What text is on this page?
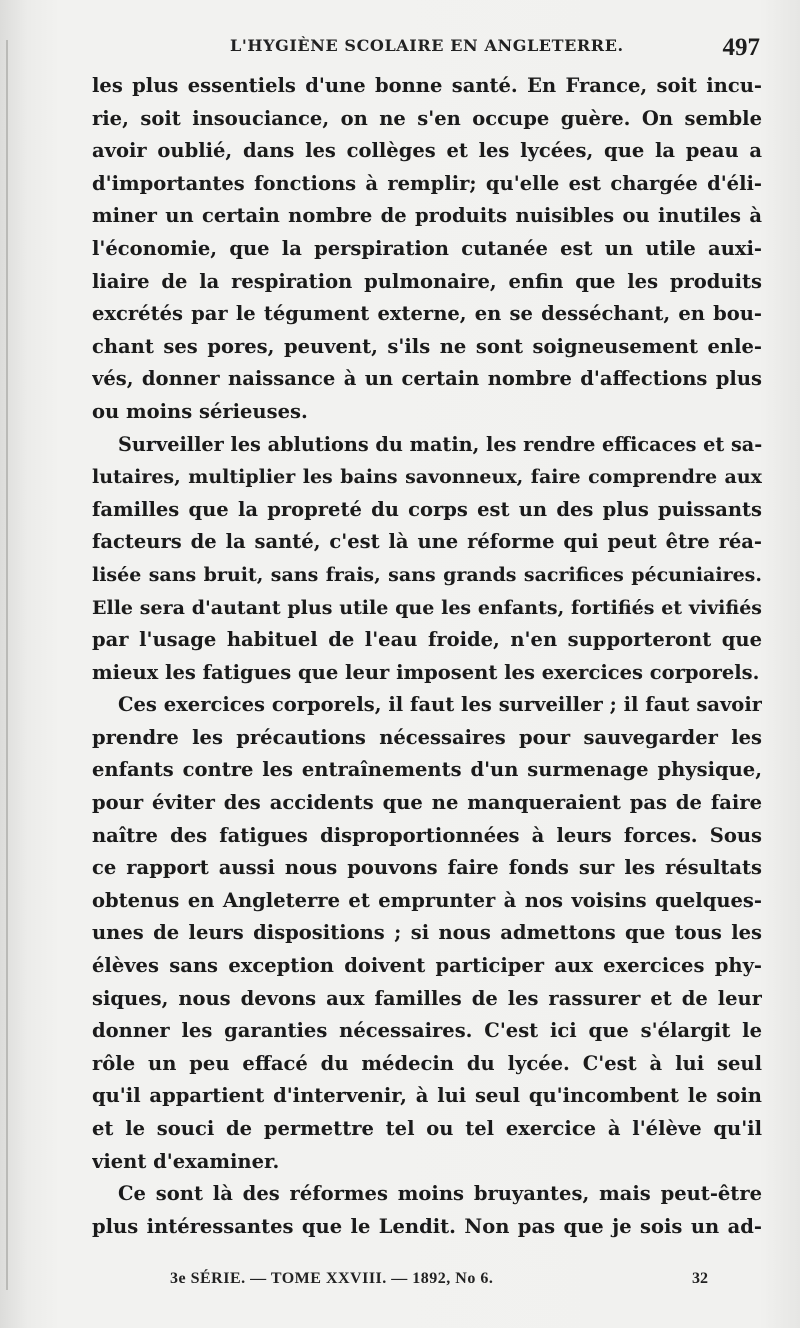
L'HYGIÈNE SCOLAIRE EN ANGLETERRE.	497
les plus essentiels d'une bonne santé. En France, soit incu-
rie, soit insouciance, on ne s'en occupe guère. On semble
avoir oublié, dans les collèges et les lycées, que la peau a
d'importantes fonctions à remplir; qu'elle est chargée d'éli-
miner un certain nombre de produits nuisibles ou inutiles à
l'économie, que la perspiration cutanée est un utile auxi-
liaire de la respiration pulmonaire, enfin que les produits
excrétés par le tégument externe, en se desséchant, en bou-
chant ses pores, peuvent, s'ils ne sont soigneusement enle-
vés, donner naissance à un certain nombre d'affections plus
ou moins sérieuses.
Surveiller les ablutions du matin, les rendre efficaces et sa-
lutaires, multiplier les bains savonneux, faire comprendre aux
familles que la propreté du corps est un des plus puissants
facteurs de la santé, c'est là une réforme qui peut être réa-
lisée sans bruit, sans frais, sans grands sacrifices pécuniaires.
Elle sera d'autant plus utile que les enfants, fortifiés et vivifiés
par l'usage habituel de l'eau froide, n'en supporteront que
mieux les fatigues que leur imposent les exercices corporels.
Ces exercices corporels, il faut les surveiller ; il faut savoir
prendre les précautions nécessaires pour sauvegarder les
enfants contre les entraînements d'un surmenage physique,
pour éviter des accidents que ne manqueraient pas de faire
naître des fatigues disproportionnées à leurs forces. Sous
ce rapport aussi nous pouvons faire fonds sur les résultats
obtenus en Angleterre et emprunter à nos voisins quelques-
unes de leurs dispositions ; si nous admettons que tous les
élèves sans exception doivent participer aux exercices phy-
siques, nous devons aux familles de les rassurer et de leur
donner les garanties nécessaires. C'est ici que s'élargit le
rôle un peu effacé du médecin du lycée. C'est à lui seul
qu'il appartient d'intervenir, à lui seul qu'incombent le soin
et le souci de permettre tel ou tel exercice à l'élève qu'il
vient d'examiner.
Ce sont là des réformes moins bruyantes, mais peut-être
plus intéressantes que le Lendit. Non pas que je sois un ad-
3e SÉRIE. — TOME XXVIII. — 1892, No 6.	32
